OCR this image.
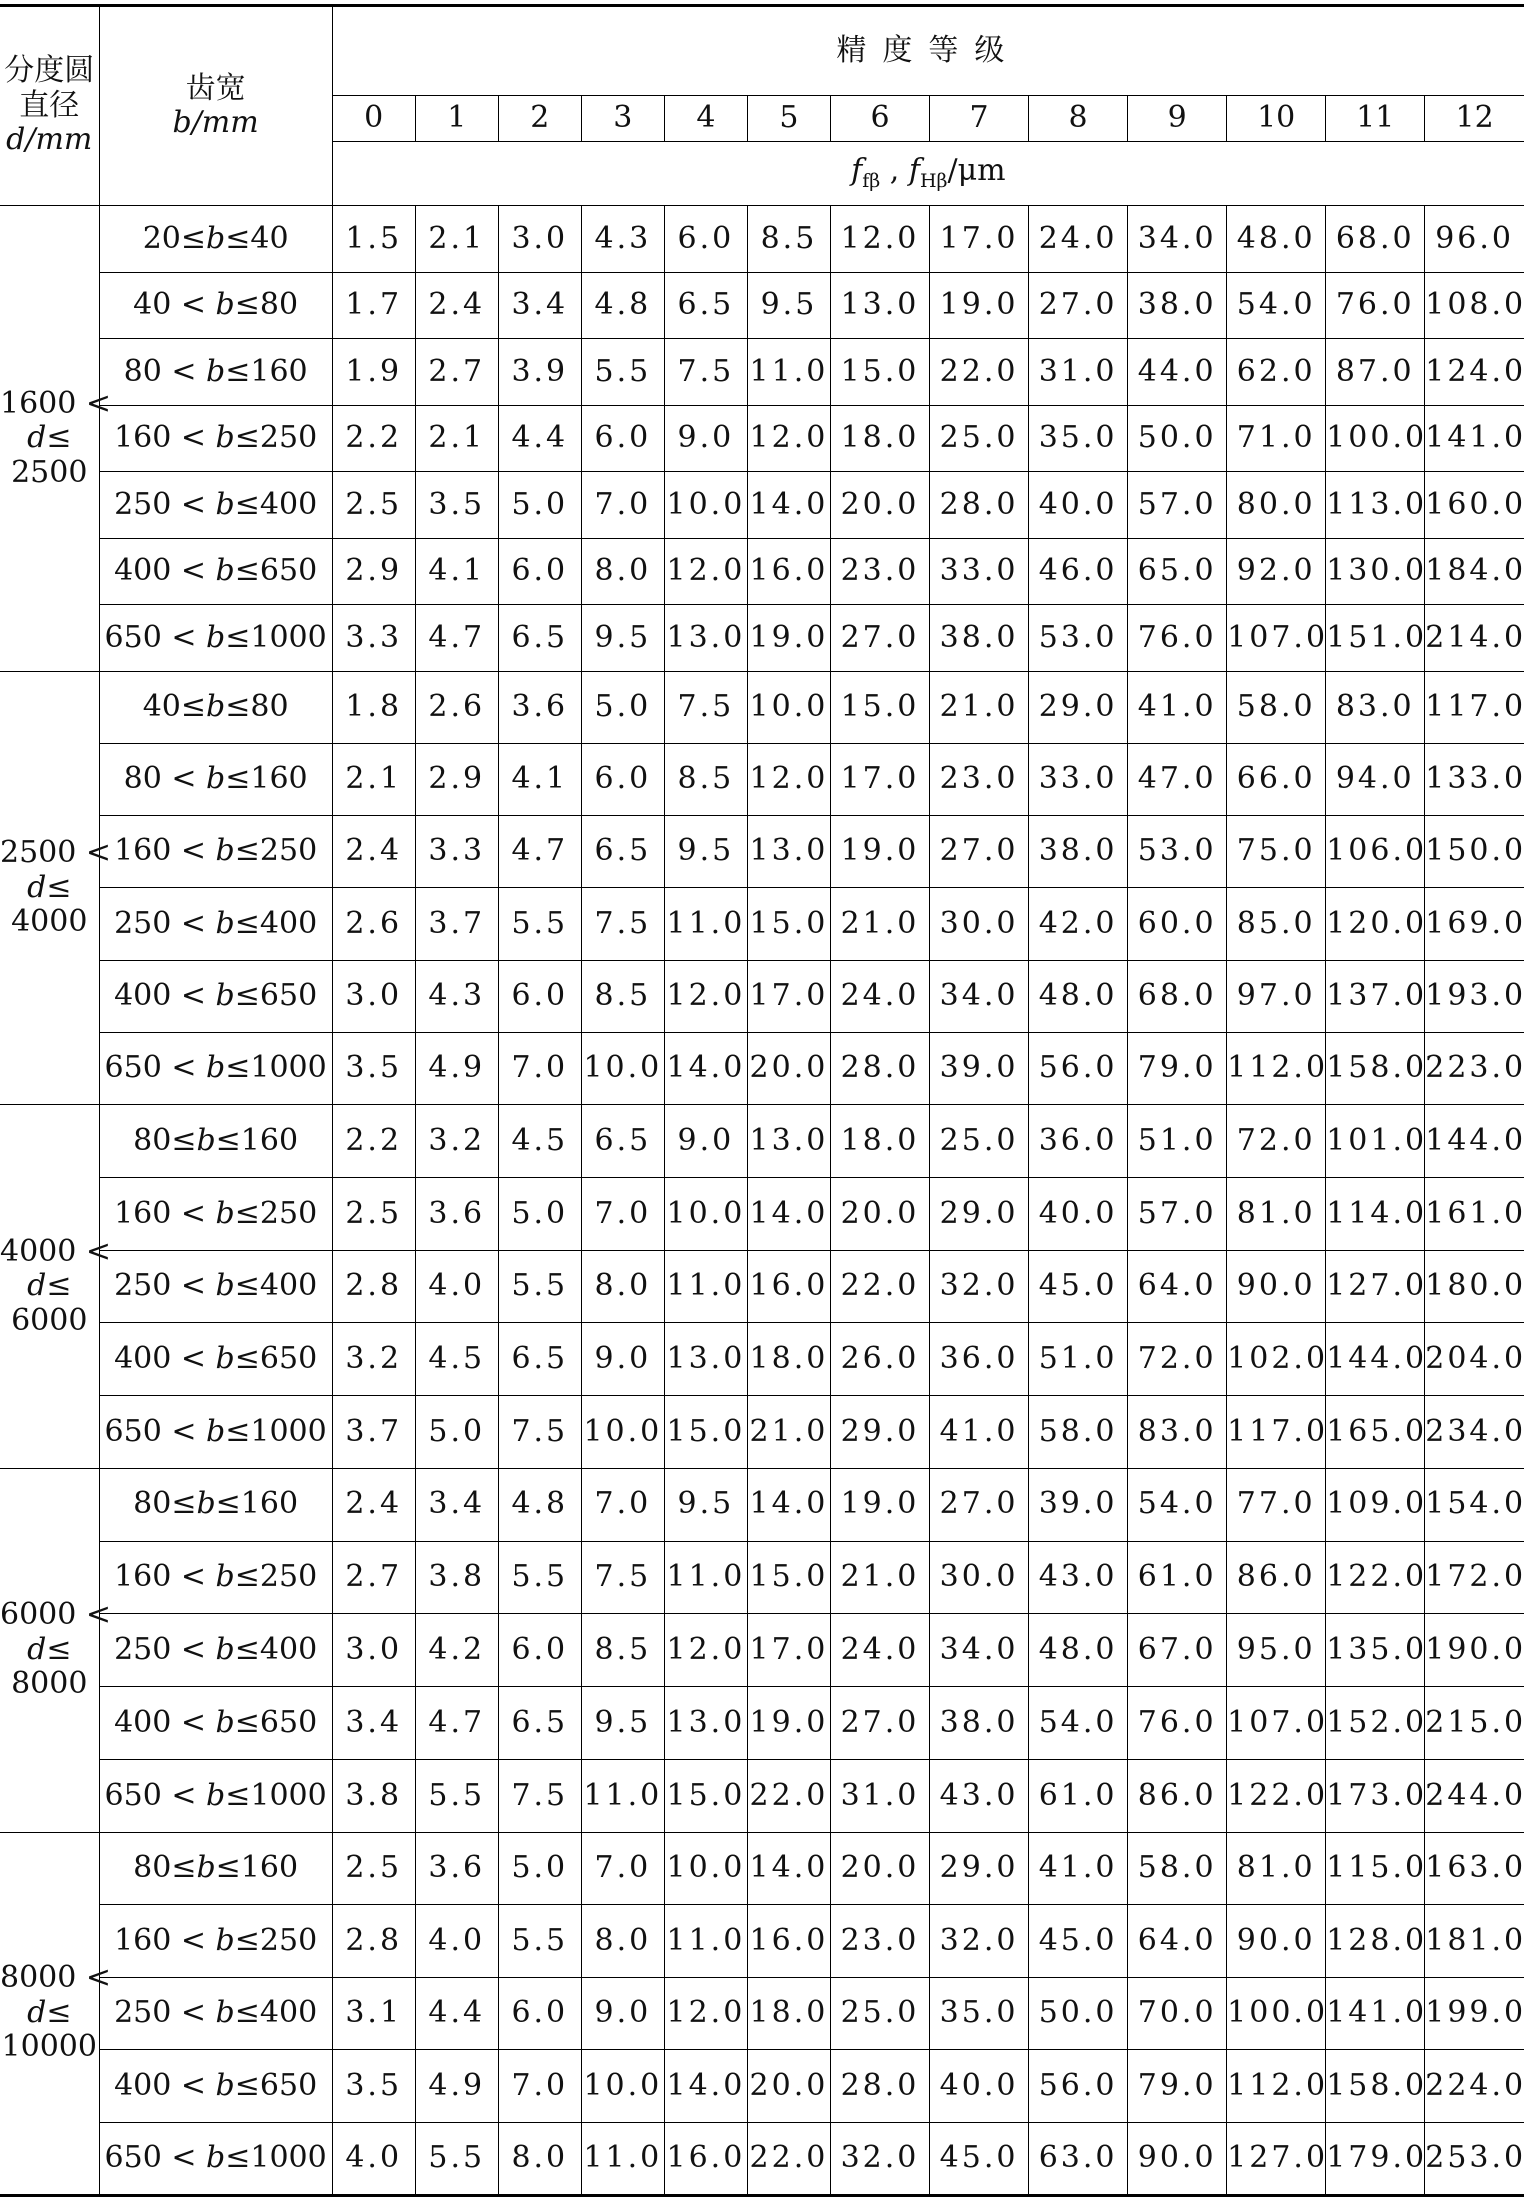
分度圆
直径
d/mm	齿宽
b/mm	精度等级												
		0	1	2	3	4	5	6	7	8	9	10	11	12
		$f_{f\beta}$ , $f_{H\beta}/\mu m$												
1600 <
d≤
2500	20≤b≤40	1.5	2.1	3.0	4.3	6.0	8.5	12.0	17.0	24.0	34.0	48.0	68.0	96.0
	40 < b≤80	1.7	2.4	3.4	4.8	6.5	9.5	13.0	19.0	27.0	38.0	54.0	76.0	108.0
	80 < b≤160	1.9	2.7	3.9	5.5	7.5	11.0	15.0	22.0	31.0	44.0	62.0	87.0	124.0
	160 < b≤250	2.2	2.1	4.4	6.0	9.0	12.0	18.0	25.0	35.0	50.0	71.0	100.0	141.0
	250 < b≤400	2.5	3.5	5.0	7.0	10.0	14.0	20.0	28.0	40.0	57.0	80.0	113.0	160.0
	400 < b≤650	2.9	4.1	6.0	8.0	12.0	16.0	23.0	33.0	46.0	65.0	92.0	130.0	184.0
	650 < b≤1000	3.3	4.7	6.5	9.5	13.0	19.0	27.0	38.0	53.0	76.0	107.0	151.0	214.0
2500 <
d≤
4000	40≤b≤80	1.8	2.6	3.6	5.0	7.5	10.0	15.0	21.0	29.0	41.0	58.0	83.0	117.0
	80 < b≤160	2.1	2.9	4.1	6.0	8.5	12.0	17.0	23.0	33.0	47.0	66.0	94.0	133.0
	160 < b≤250	2.4	3.3	4.7	6.5	9.5	13.0	19.0	27.0	38.0	53.0	75.0	106.0	150.0
	250 < b≤400	2.6	3.7	5.5	7.5	11.0	15.0	21.0	30.0	42.0	60.0	85.0	120.0	169.0
	400 < b≤650	3.0	4.3	6.0	8.5	12.0	17.0	24.0	34.0	48.0	68.0	97.0	137.0	193.0
	650 < b≤1000	3.5	4.9	7.0	10.0	14.0	20.0	28.0	39.0	56.0	79.0	112.0	158.0	223.0
4000 <
d≤
6000	80≤b≤160	2.2	3.2	4.5	6.5	9.0	13.0	18.0	25.0	36.0	51.0	72.0	101.0	144.0
	160 < b≤250	2.5	3.6	5.0	7.0	10.0	14.0	20.0	29.0	40.0	57.0	81.0	114.0	161.0
	250 < b≤400	2.8	4.0	5.5	8.0	11.0	16.0	22.0	32.0	45.0	64.0	90.0	127.0	180.0
	400 < b≤650	3.2	4.5	6.5	9.0	13.0	18.0	26.0	36.0	51.0	72.0	102.0	144.0	204.0
	650 < b≤1000	3.7	5.0	7.5	10.0	15.0	21.0	29.0	41.0	58.0	83.0	117.0	165.0	234.0
6000 <
d≤
8000	80≤b≤160	2.4	3.4	4.8	7.0	9.5	14.0	19.0	27.0	39.0	54.0	77.0	109.0	154.0
	160 < b≤250	2.7	3.8	5.5	7.5	11.0	15.0	21.0	30.0	43.0	61.0	86.0	122.0	172.0
	250 < b≤400	3.0	4.2	6.0	8.5	12.0	17.0	24.0	34.0	48.0	67.0	95.0	135.0	190.0
	400 < b≤650	3.4	4.7	6.5	9.5	13.0	19.0	27.0	38.0	54.0	76.0	107.0	152.0	215.0
	650 < b≤1000	3.8	5.5	7.5	11.0	15.0	22.0	31.0	43.0	61.0	86.0	122.0	173.0	244.0
8000 <
d≤
10000	80≤b≤160	2.5	3.6	5.0	7.0	10.0	14.0	20.0	29.0	41.0	58.0	81.0	115.0	163.0
	160 < b≤250	2.8	4.0	5.5	8.0	11.0	16.0	23.0	32.0	45.0	64.0	90.0	128.0	181.0
	250 < b≤400	3.1	4.4	6.0	9.0	12.0	18.0	25.0	35.0	50.0	70.0	100.0	141.0	199.0
	400 < b≤650	3.5	4.9	7.0	10.0	14.0	20.0	28.0	40.0	56.0	79.0	112.0	158.0	224.0
	650 < b≤1000	4.0	5.5	8.0	11.0	16.0	22.0	32.0	45.0	63.0	90.0	127.0	179.0	253.0
